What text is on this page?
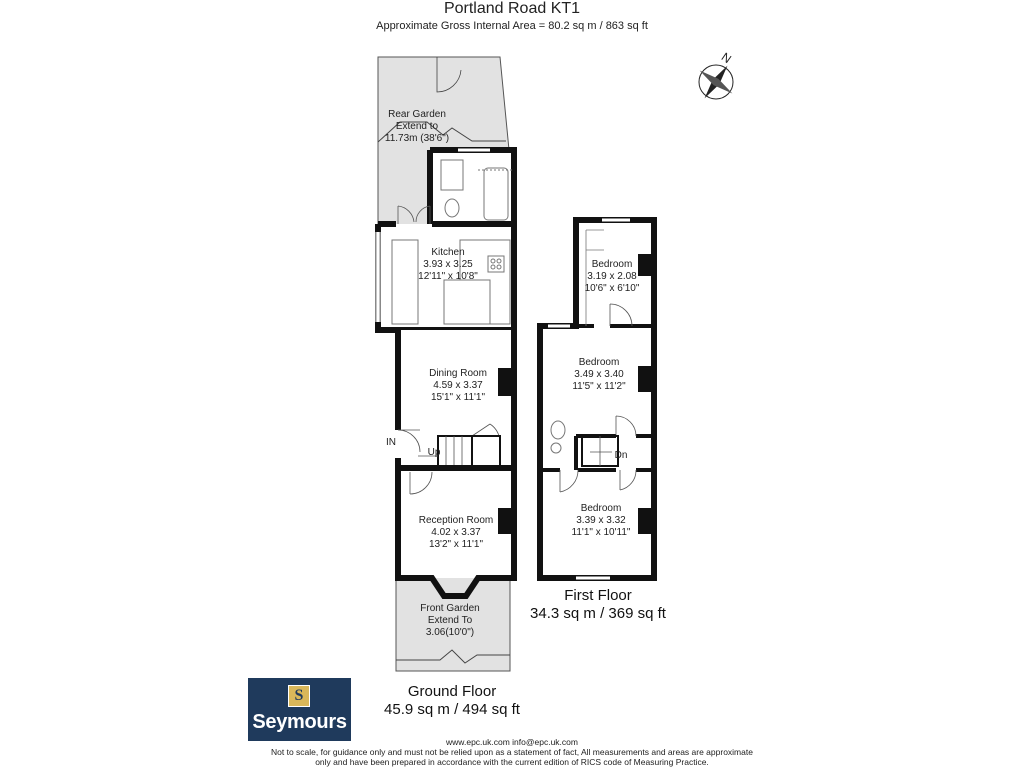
Portland Road KT1
Approximate Gross Internal Area = 80.2 sq m / 863 sq ft
N
Rear Garden
Extend to
11.73m (38'6")
Kitchen
3.93 x 3.25
12'11" x 10'8"
Dining Room
4.59 x 3.37
15'1" x 11'1"
Reception Room
4.02 x 3.37
13'2" x 11'1"
Front Garden
Extend To
3.06(10'0")
IN
Up
Bedroom
3.19 x 2.08
10'6" x 6'10"
Bedroom
3.49 x 3.40
11'5" x 11'2"
Bedroom
3.39 x 3.32
11'1" x 10'11"
Dn
First Floor
34.3 sq m / 369 sq ft
Ground Floor
45.9 sq m / 494 sq ft
S
Seymours
www.epc.uk.com info@epc.uk.com
Not to scale, for guidance only and must not be relied upon as a statement of fact, All measurements and areas are approximate
only and have been prepared in accordance with the current edition of RICS code of Measuring Practice.
